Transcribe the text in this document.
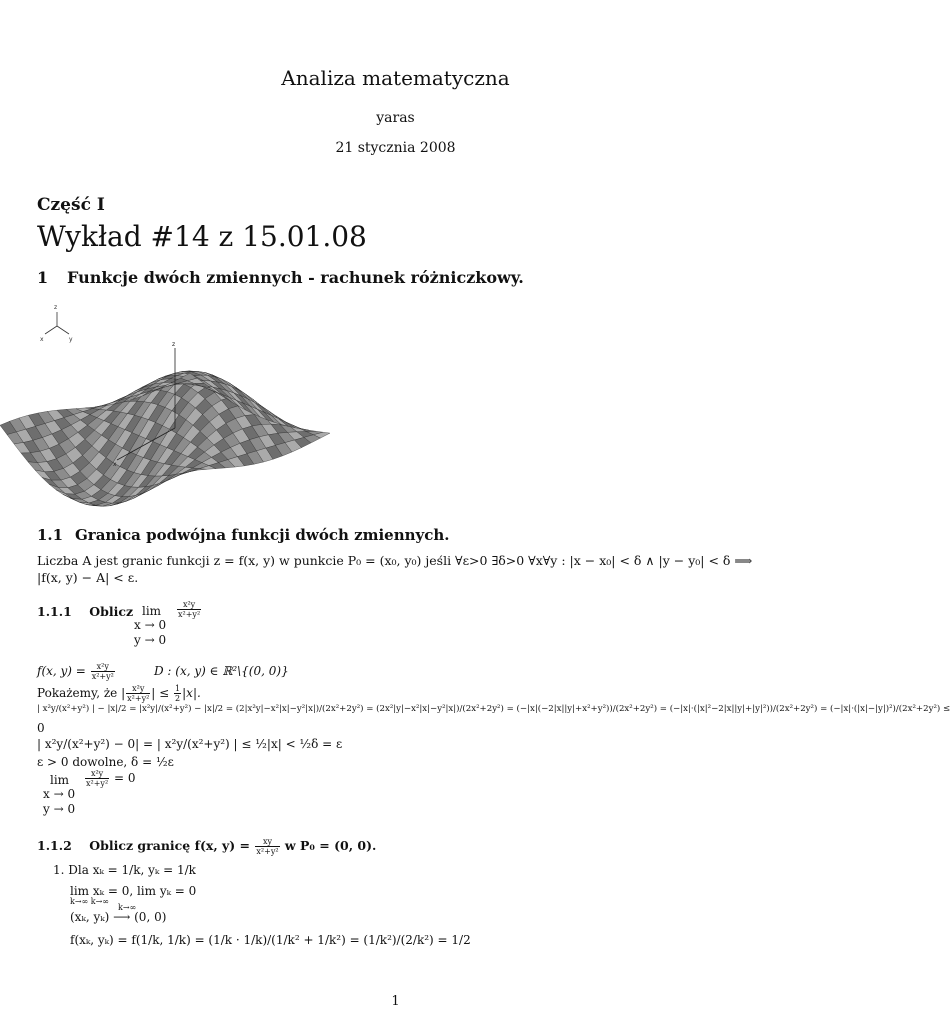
Analiza matematyczna
yaras
21 stycznia 2008
Część I
Wykład #14 z 15.01.08
1 Funkcje dwóch zmiennych - rachunek różniczkowy.
z
x	y
z
x
1.1 Granica podwójna funkcji dwóch zmiennych.
Liczba A jest granic funkcji z = f(x, y) w punkcie P₀ = (x₀, y₀) jeśli ∀ε>0 ∃δ>0 ∀x∀y : |x − x₀| < δ ∧ |y − y₀| < δ ⟹
|f(x, y) − A| < ε.
1.1.1 Oblicz $\lim \frac{\text{x²y}}{\text{x²+y²}}$
x → 0
y → 0
f(x, $y) = \frac{\text{x²y}}{\text{x²+y²}}$	D : (x, y) ∈ ℝ²\{(0, 0)}
Pokażemy, że | $\frac{\text{x²y}}{\text{x²+y²}}$ | ≤ $\frac{1}{2} |x|$.
| x²y/(x²+y²) | − |x|/2 = |x²y|/(x²+y²) − |x|/2 = (2|x²y|−x²|x|−y²|x|)/(2x²+2y²) = (2x²|y|−x²|x|−y²|x|)/(2x²+2y²) = (−|x|(−2|x||y|+x²+y²))/(2x²+2y²) = (−|x|·(|x|²−2|x||y|+|y|²))/(2x²+2y²) = (−|x|·(|x|−|y|)²)/(2x²+2y²) ≤
0
| x²y/(x²+y²) − 0| = | x²y/(x²+y²) | ≤ ½|x| < ½δ = ε
ε > 0 dowolne, δ = ½ε
$\lim \frac{\text{x²y}}{\text{x²+y²}} = 0$
x → 0
y → 0
1.1.2 Oblicz granicę f(x, $y) = \frac{xy}{\text{x²+y²}}$ w P₀ = (0, 0).
1. Dla xₖ = 1/k, yₖ = 1/k
lim xₖ = 0, lim yₖ = 0
k→∞ k→∞
k→∞
(xₖ, yₖ) ⟶ (0, 0)
f(xₖ, yₖ) = f(1/k, 1/k) = (1/k · 1/k)/(1/k² + 1/k²) = (1/k²)/(2/k²) = 1/2
1
